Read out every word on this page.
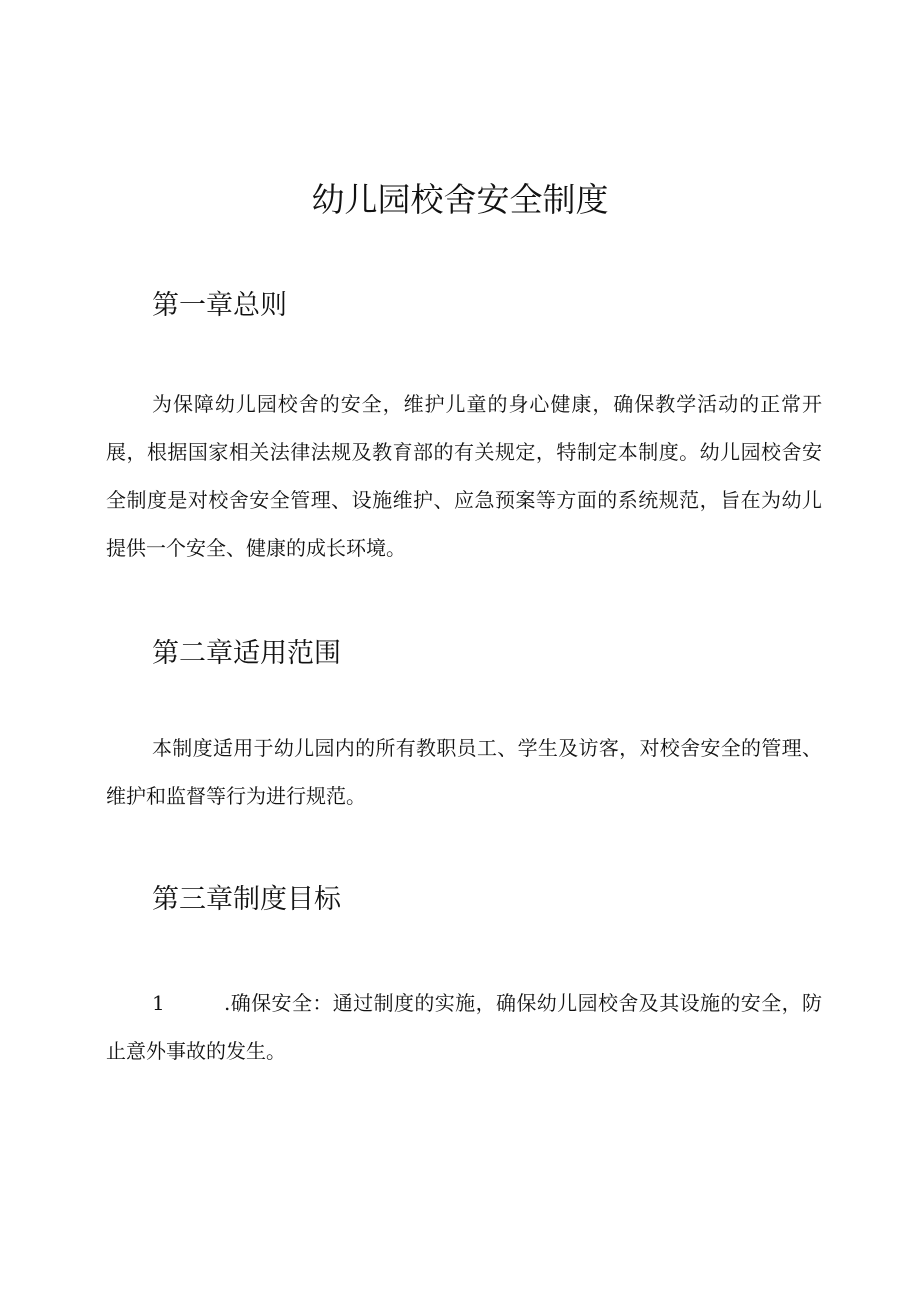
幼儿园校舍安全制度
第一章总则

为保障幼儿园校舍的安全，维护儿童的身心健康，确保教学活动的正常开展，根据国家相关法律法规及教育部的有关规定，特制定本制度。幼儿园校舍安全制度是对校舍安全管理、设施维护、应急预案等方面的系统规范，旨在为幼儿提供一个安全、健康的成长环境。

第二章适用范围

本制度适用于幼儿园内的所有教职员工、学生及访客，对校舍安全的管理、维护和监督等行为进行规范。

第三章制度目标

1	.确保安全：通过制度的实施，确保幼儿园校舍及其设施的安全，防止意外事故的发生。
